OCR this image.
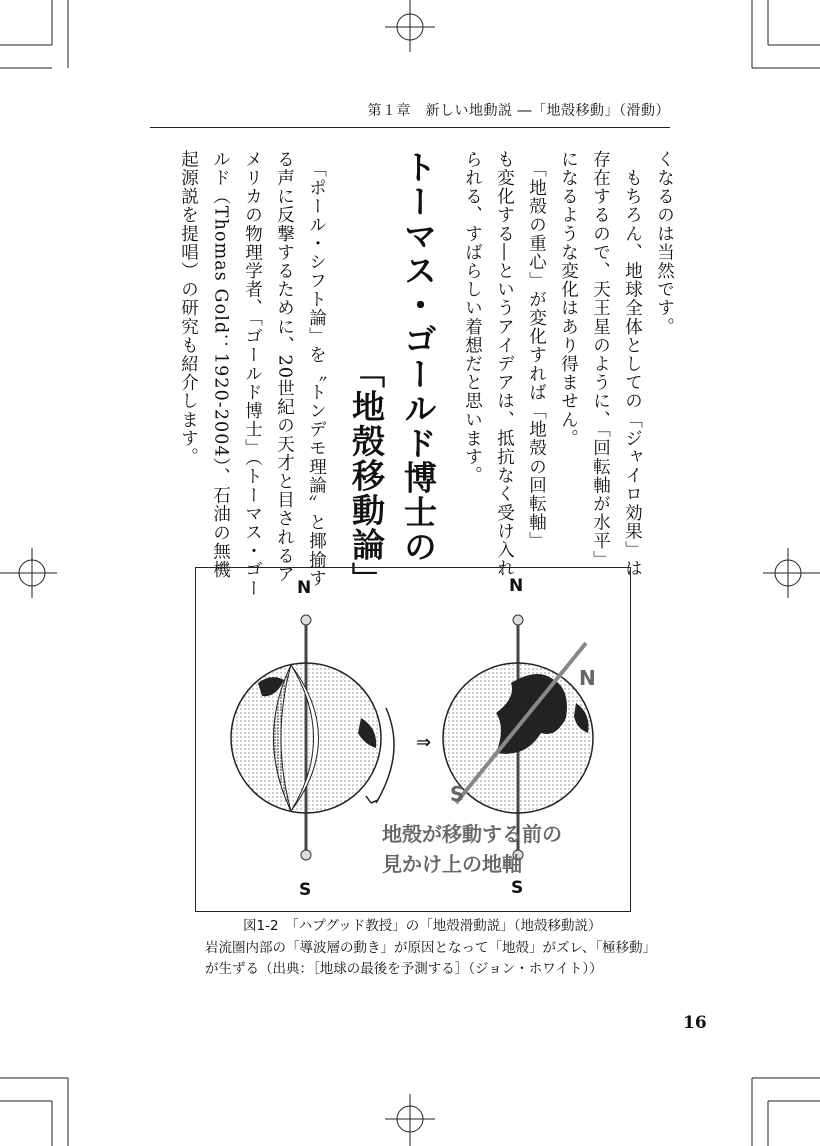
第１章　新しい地動説 ―「地殻移動」（滑動）
くなるのは当然です。
　もちろん、地球全体としての「ジャイロ効果」は
存在するので、天王星のように、「回転軸が水平」
になるような変化はあり得ません。
　「地殻の重心」が変化すれば「地殻の回転軸」
も変化する―というアイデアは、抵抗なく受け入れ
られる、すばらしい着想だと思います。
トーマス・ゴールド博士の
「地殻移動論」
　「ポール・シフト論」を〝トンデモ理論〟と揶揄す
る声に反撃するために、20世紀の天才と目されるア
メリカの物理学者、「ゴールド博士」（トーマス・ゴー
ルド（Thomas Gold：1920-2004）、石油の無機
起源説を提唱）の研究も紹介します。
⇒
N
S
N
S
N
S
地殻が移動する前の
見かけ上の地軸
図1-2　「ハプグッド教授」の「地殻滑動説」（地殻移動説）
岩流圏内部の「導波層の動き」が原因となって「地殻」がズレ、「極移動」
が生ずる（出典：［地球の最後を予測する］（ジョン・ホワイト））
16
